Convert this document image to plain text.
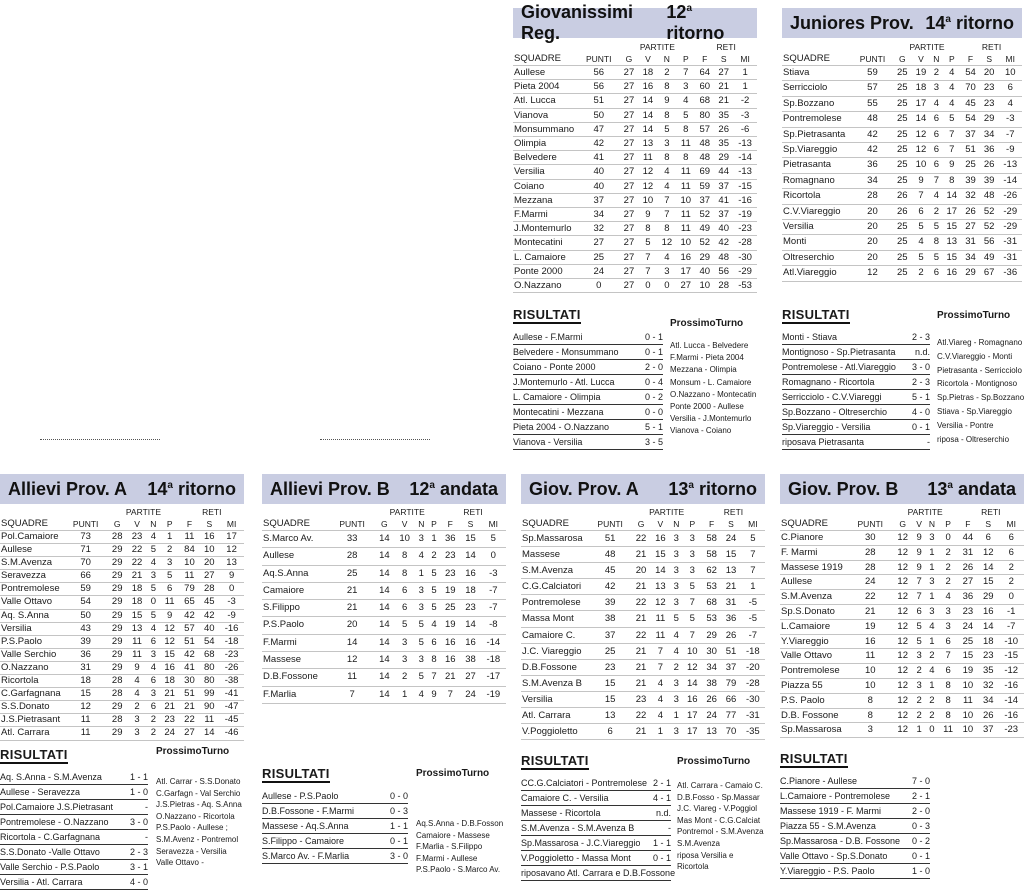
Giovanissimi Reg.
12$^a$ ritorno
		PARTITE				RETI		
SQUADRE	PUNTI	G	V	N	P	F	S	MI
Aullese	56	27	18	2	7	64	27	1
Pieta 2004	56	27	16	8	3	60	21	1
Atl. Lucca	51	27	14	9	4	68	21	-2
Vianova	50	27	14	8	5	80	35	-3
Monsummano	47	27	14	5	8	57	26	-6
Olimpia	42	27	13	3	11	48	35	-13
Belvedere	41	27	11	8	8	48	29	-14
Versilia	40	27	12	4	11	69	44	-13
Coiano	40	27	12	4	11	59	37	-15
Mezzana	37	27	10	7	10	37	41	-16
F.Marmi	34	27	9	7	11	52	37	-19
J.Montemurlo	32	27	8	8	11	49	40	-23
Montecatini	27	27	5	12	10	52	42	-28
L. Camaiore	25	27	7	4	16	29	48	-30
Ponte 2000	24	27	7	3	17	40	56	-29
O.Nazzano	0	27	0	0	27	10	28	-53
RISULTATI
Aullese - F.Marmi	0 - 1
Belvedere - Monsummano	0 - 1
Coiano - Ponte 2000	2 - 0
J.Montemurlo - Atl. Lucca	0 - 4
L. Camaiore - Olimpia	0 - 2
Montecatini - Mezzana	0 - 0
Pieta 2004 - O.Nazzano	5 - 1
Vianova - Versilia	3 - 5
ProssimoTurno
Atl. Lucca - Belvedere
F.Marmi - Pieta 2004
Mezzana - Olimpia
Monsum - L. Camaiore
O.Nazzano - Montecatin
Ponte 2000 - Aullese
Versilia - J.Montemurlo
Vianova - Coiano
Juniores Prov. 14$^a$ ritorno
		PARTITE				RETI		
SQUADRE	PUNTI	G	V	N	P	F	S	MI
Stiava	59	25	19	2	4	54	20	10
Serricciolo	57	25	18	3	4	70	23	6
Sp.Bozzano	55	25	17	4	4	45	23	4
Pontremolese	48	25	14	6	5	54	29	-3
Sp.Pietrasanta	42	25	12	6	7	37	34	-7
Sp.Viareggio	42	25	12	6	7	51	36	-9
Pietrasanta	36	25	10	6	9	25	26	-13
Romagnano	34	25	9	7	8	39	39	-14
Ricortola	28	26	7	4	14	32	48	-26
C.V.Viareggio	20	26	6	2	17	26	52	-29
Versilia	20	25	5	5	15	27	52	-29
Monti	20	25	4	8	13	31	56	-31
Oltreserchio	20	25	5	5	15	34	49	-31
Atl.Viareggio	12	25	2	6	16	29	67	-36
RISULTATI
Monti - Stiava	2 - 3
Montignoso - Sp.Pietrasanta n.d.
Pontremolese - Atl.Viareggio 3 - 0
Romagnano - Ricortola	2 - 3
Serricciolo - C.V.Viareggi	5 - 1
Sp.Bozzano - Oltreserchio	4 - 0
Sp.Viareggio - Versilia	0 - 1
riposava Pietrasanta	-
ProssimoTurno
Atl.Viareg - Romagnano
C.V.Viareggio - Monti
Pietrasanta - Serricciolo
Ricortola - Montignoso
Sp.Pietras - Sp.Bozzano
Stiava - Sp.Viareggio
Versilia - Pontre
riposa - Oltreserchio
Allievi Prov. A 14$^a$ ritorno
		PARTITE				RETI		
SQUADRE	PUNTI	G	V	N	P	F	S	MI
Pol.Camaiore	73	28	23	4	1	11	16	17
Aullese	71	29	22	5	2	84	10	12
S.M.Avenza	70	29	22	4	3	10	20	13
Seravezza	66	29	21	3	5	11	27	9
Pontremolese	59	29	18	5	6	79	28	0
Valle Ottavo	54	29	18	0	11	65	45	-3
Aq. S.Anna	50	29	15	5	9	42	42	-9
Versilia	43	29	13	4	12	57	40	-16
P.S.Paolo	39	29	11	6	12	51	54	-18
Valle Serchio	36	29	11	3	15	42	68	-23
O.Nazzano	31	29	9	4	16	41	80	-26
Ricortola	18	28	4	6	18	30	80	-38
C.Garfagnana	15	28	4	3	21	51	99	-41
S.S.Donato	12	29	2	6	21	21	90	-47
J.S.Pietrasant	11	28	3	2	23	22	11	-45
Atl. Carrara	11	29	3	2	24	27	14	-46
RISULTATI
Aq. S.Anna - S.M.Avenza	1 - 1
Aullese - Seravezza	1 - 0
Pol.Camaiore J.S.Pietrasant	-
Pontremolese - O.Nazzano 3 - 0
Ricortola - C.Garfagnana	-
S.S.Donato -Valle Ottavo	2 - 3
Valle Serchio - P.S.Paolo	3 - 1
Versilia - Atl. Carrara	4 - 0
ProssimoTurno
Atl. Carrar - S.S.Donato
C.Garfagn - Val Serchio
J.S.Pietras - Aq. S.Anna
O.Nazzano - Ricortola
P.S.Paolo - Aullese ;
S.M.Avenz - Pontremol
Seravezza - Versilia
Valle Ottavo -
Allievi Prov. B 12$^a$ andata
		PARTITE				RETI		
SQUADRE	PUNTI	G	V	N	P	F	S	MI
S.Marco Av.	33	14	10	3	1	36	15	5
Aullese	28	14	8	4	2	23	14	0
Aq.S.Anna	25	14	8	1	5	23	16	-3
Camaiore	21	14	6	3	5	19	18	-7
S.Filippo	21	14	6	3	5	25	23	-7
P.S.Paolo	20	14	5	5	4	19	14	-8
F.Marmi	14	14	3	5	6	16	16	-14
Massese	12	14	3	3	8	16	38	-18
D.B.Fossone	11	14	2	5	7	21	27	-17
F.Marlia	7	14	1	4	9	7	24	-19
RISULTATI
Aullese - P.S.Paolo	0 - 0
D.B.Fossone - F.Marmi	0 - 3
Massese - Aq.S.Anna	1 - 1
S.Filippo - Camaiore	0 - 1
S.Marco Av. - F.Marlia	3 - 0
ProssimoTurno
Aq.S.Anna - D.B.Fosson
Camaiore - Massese
F.Marlia - S.Filippo
F.Marmi - Aullese
P.S.Paolo - S.Marco Av.
Giov. Prov. A 13$^a$ ritorno
		PARTITE				RETI		
SQUADRE	PUNTI	G	V	N	P	F	S	MI
Sp.Massarosa	51	22	16	3	3	58	24	5
Massese	48	21	15	3	3	58	15	7
S.M.Avenza	45	20	14	3	3	62	13	7
C.G.Calciatori	42	21	13	3	5	53	21	1
Pontremolese	39	22	12	3	7	68	31	-5
Massa Mont	38	21	11	5	5	53	36	-5
Camaiore C.	37	22	11	4	7	29	26	-7
J.C. Viareggio	25	21	7	4	10	30	51	-18
D.B.Fossone	23	21	7	2	12	34	37	-20
S.M.Avenza B	15	21	4	3	14	38	79	-28
Versilia	15	23	4	3	16	26	66	-30
Atl. Carrara	13	22	4	1	17	24	77	-31
V.Poggioletto	6	21	1	3	17	13	70	-35
RISULTATI
CC.G.Calciatori - Pontremolese 2 - 1
Camaiore C. - Versilia	4 - 1
Massese - Ricortola	n.d.
S.M.Avenza - S.M.Avenza B	-
Sp.Massarosa - J.C.Viareggio 1 - 1
V.Poggioletto - Massa Mont 0 - 1
riposavano Atl. Carrara e D.B.Fossone
ProssimoTurno
Atl. Carrara - Camaio C.
D.B.Fosso - Sp.Massar
J.C. Viareg - V.Poggiol
Mas Mont - C.G.Calciat
Pontremol - S.M.Avenza
S.M.Avenza
riposa Versilia e
Ricortola
Giov. Prov. B 13$^a$ andata
		PARTITE				RETI		
SQUADRE	PUNTI	G	V	N	P	F	S	MI
C.Pianore	30	12	9	3	0	44	6	6
F. Marmi	28	12	9	1	2	31	12	6
Massese 1919	28	12	9	1	2	26	14	2
Aullese	24	12	7	3	2	27	15	2
S.M.Avenza	22	12	7	1	4	36	29	0
Sp.S.Donato	21	12	6	3	3	23	16	-1
L.Camaiore	19	12	5	4	3	24	14	-7
Y.Viareggio	16	12	5	1	6	25	18	-10
Valle Ottavo	11	12	3	2	7	15	23	-15
Pontremolese	10	12	2	4	6	19	35	-12
Piazza 55	10	12	3	1	8	10	32	-16
P.S. Paolo	8	12	2	2	8	11	34	-14
D.B. Fossone	8	12	2	2	8	10	26	-16
Sp.Massarosa	3	12	1	0	11	10	37	-23
RISULTATI
C.Pianore - Aullese	7 - 0
L.Camaiore - Pontremolese 2 - 1
Massese 1919 - F. Marmi	2 - 0
Piazza 55 - S.M.Avenza	0 - 3
Sp.Massarosa - D.B. Fossone 0 - 2
Valle Ottavo - Sp.S.Donato	0 - 1
Y.Viareggio - P.S. Paolo	1 - 0
